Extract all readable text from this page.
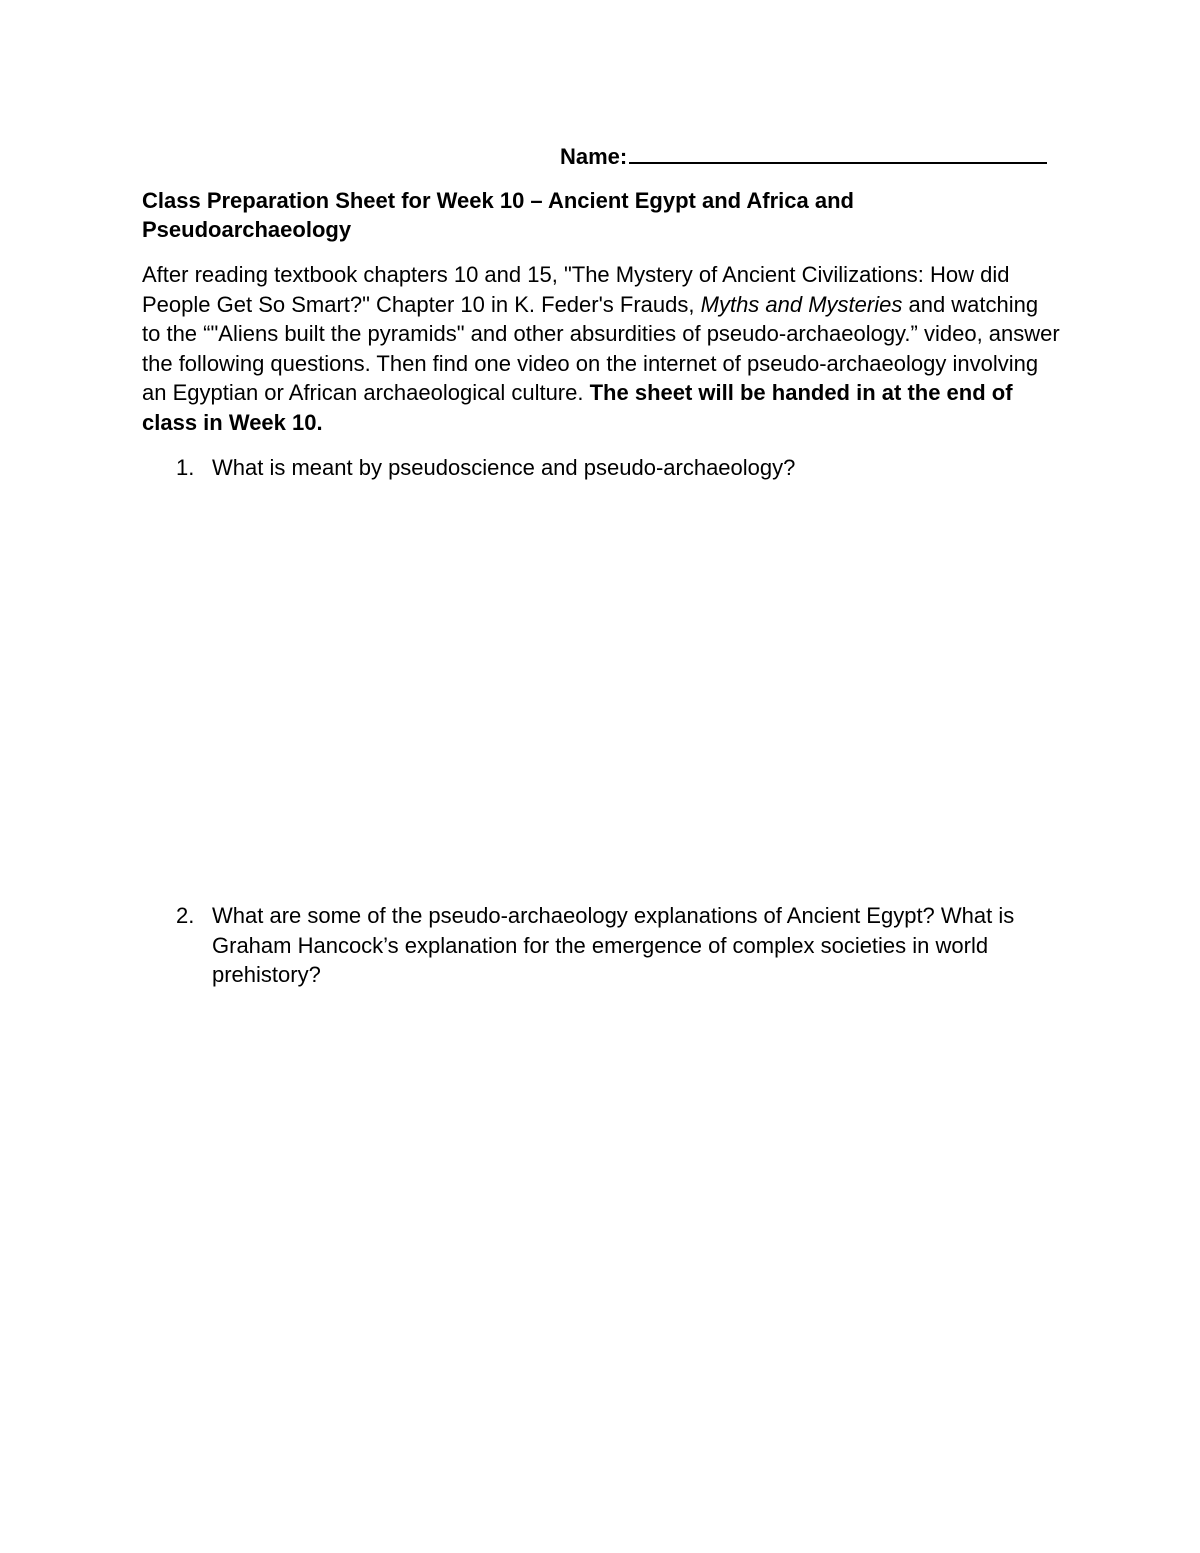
Name:
Class Preparation Sheet for Week 10 – Ancient Egypt and Africa and
Pseudoarchaeology
After reading textbook chapters 10 and 15, "The Mystery of Ancient Civilizations: How did People Get So Smart?" Chapter 10 in K. Feder's Frauds, Myths and Mysteries and watching to the “"Aliens built the pyramids" and other absurdities of pseudo-archaeology.” video, answer the following questions. Then find one video on the internet of pseudo-archaeology involving an Egyptian or African archaeological culture. The sheet will be handed in at the end of class in Week 10.
1. What is meant by pseudoscience and pseudo-archaeology?
2. What are some of the pseudo-archaeology explanations of Ancient Egypt? What is Graham Hancock’s explanation for the emergence of complex societies in world prehistory?
